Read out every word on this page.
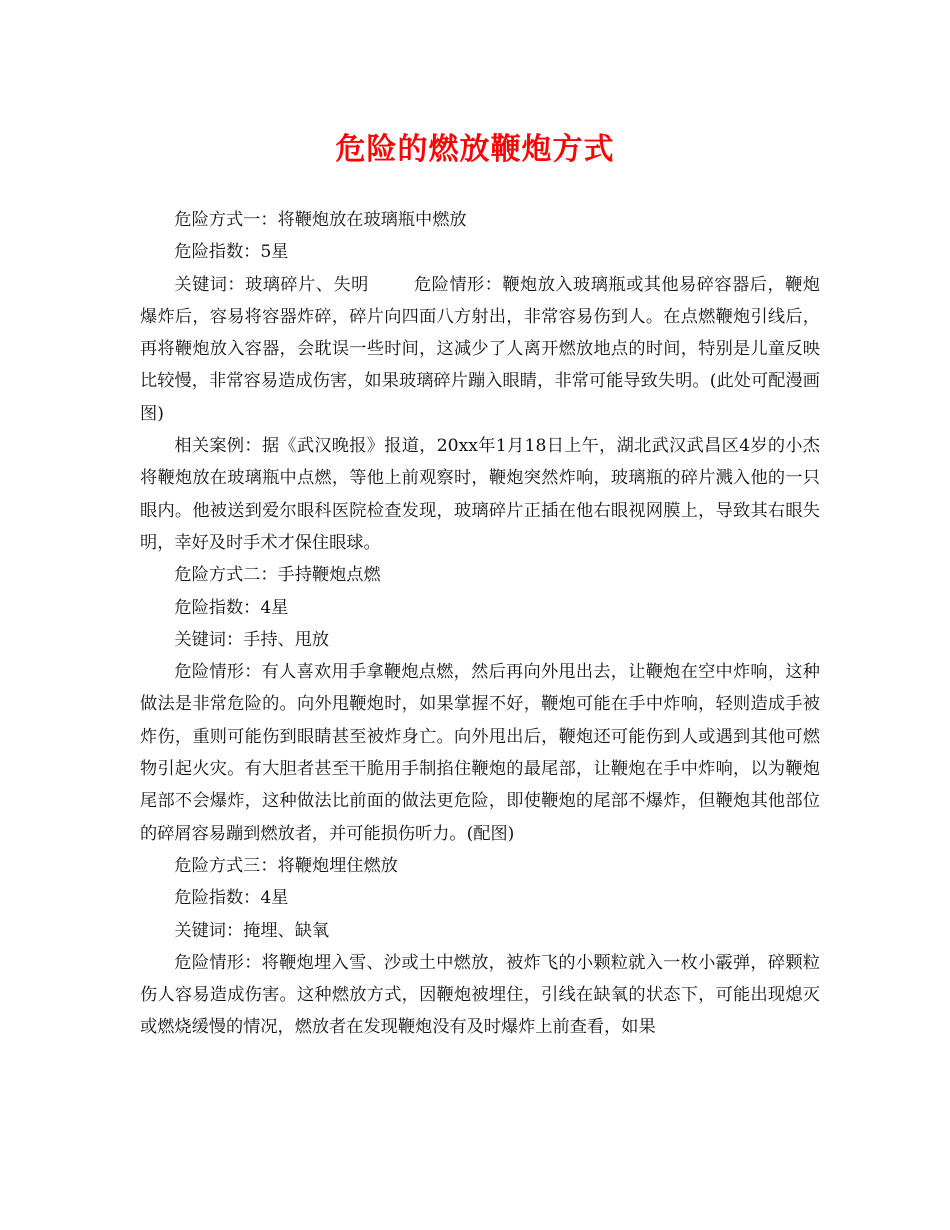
危险的燃放鞭炮方式

危险方式一：将鞭炮放在玻璃瓶中燃放

危险指数：5星

关键词：玻璃碎片、失明	危险情形：鞭炮放入玻璃瓶或其他易碎容器后，鞭炮爆炸后，容易将容器炸碎，碎片向四面八方射出，非常容易伤到人。在点燃鞭炮引线后，再将鞭炮放入容器，会耽误一些时间，这减少了人离开燃放地点的时间，特别是儿童反映比较慢，非常容易造成伤害，如果玻璃碎片蹦入眼睛，非常可能导致失明。(此处可配漫画图)

相关案例：据《武汉晚报》报道，20xx年1月18日上午，湖北武汉武昌区4岁的小杰将鞭炮放在玻璃瓶中点燃，等他上前观察时，鞭炮突然炸响，玻璃瓶的碎片溅入他的一只眼内。他被送到爱尔眼科医院检查发现，玻璃碎片正插在他右眼视网膜上，导致其右眼失明，幸好及时手术才保住眼球。

危险方式二：手持鞭炮点燃

危险指数：4星

关键词：手持、甩放

危险情形：有人喜欢用手拿鞭炮点燃，然后再向外甩出去，让鞭炮在空中炸响，这种做法是非常危险的。向外甩鞭炮时，如果掌握不好，鞭炮可能在手中炸响，轻则造成手被炸伤，重则可能伤到眼睛甚至被炸身亡。向外甩出后，鞭炮还可能伤到人或遇到其他可燃物引起火灾。有大胆者甚至干脆用手制掐住鞭炮的最尾部，让鞭炮在手中炸响，以为鞭炮尾部不会爆炸，这种做法比前面的做法更危险，即使鞭炮的尾部不爆炸，但鞭炮其他部位的碎屑容易蹦到燃放者，并可能损伤听力。(配图)

危险方式三：将鞭炮埋住燃放

危险指数：4星

关键词：掩埋、缺氧

危险情形：将鞭炮埋入雪、沙或土中燃放，被炸飞的小颗粒就入一枚小霰弹，碎颗粒伤人容易造成伤害。这种燃放方式，因鞭炮被埋住，引线在缺氧的状态下，可能出现熄灭或燃烧缓慢的情况，燃放者在发现鞭炮没有及时爆炸上前查看，如果
